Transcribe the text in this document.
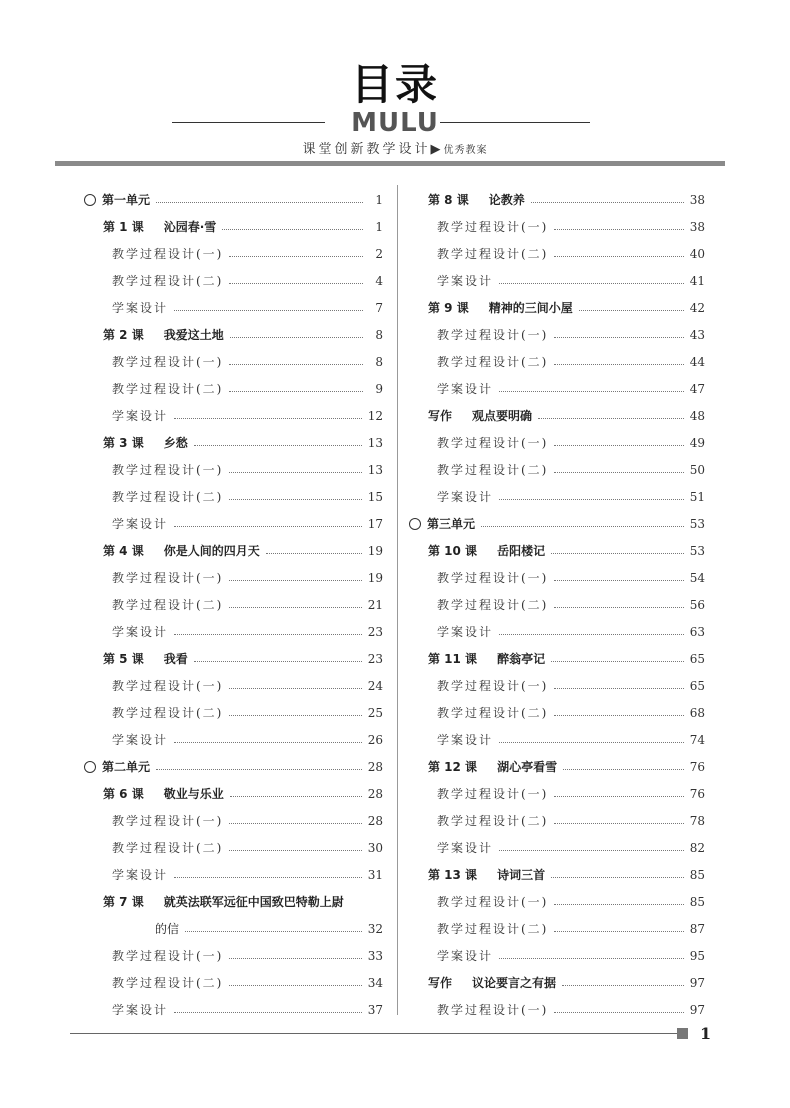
目录
MULU
课堂创新教学设计▶优秀教案
第一单元	1
第 1 课 沁园春·雪	1
教学过程设计(一)	2
教学过程设计(二)	4
学案设计	7
第 2 课 我爱这土地	8
教学过程设计(一)	8
教学过程设计(二)	9
学案设计	12
第 3 课 乡愁	13
教学过程设计(一)	13
教学过程设计(二)	15
学案设计	17
第 4 课 你是人间的四月天	19
教学过程设计(一)	19
教学过程设计(二)	21
学案设计	23
第 5 课 我看	23
教学过程设计(一)	24
教学过程设计(二)	25
学案设计	26
第二单元	28
第 6 课 敬业与乐业	28
教学过程设计(一)	28
教学过程设计(二)	30
学案设计	31
第 7 课 就英法联军远征中国致巴特勒上尉
的信	32
教学过程设计(一)	33
教学过程设计(二)	34
学案设计	37
第 8 课 论教养	38
教学过程设计(一)	38
教学过程设计(二)	40
学案设计	41
第 9 课 精神的三间小屋	42
教学过程设计(一)	43
教学过程设计(二)	44
学案设计	47
写作 观点要明确	48
教学过程设计(一)	49
教学过程设计(二)	50
学案设计	51
第三单元	53
第 10 课 岳阳楼记	53
教学过程设计(一)	54
教学过程设计(二)	56
学案设计	63
第 11 课 醉翁亭记	65
教学过程设计(一)	65
教学过程设计(二)	68
学案设计	74
第 12 课 湖心亭看雪	76
教学过程设计(一)	76
教学过程设计(二)	78
学案设计	82
第 13 课 诗词三首	85
教学过程设计(一)	85
教学过程设计(二)	87
学案设计	95
写作 议论要言之有据	97
教学过程设计(一)	97
1
